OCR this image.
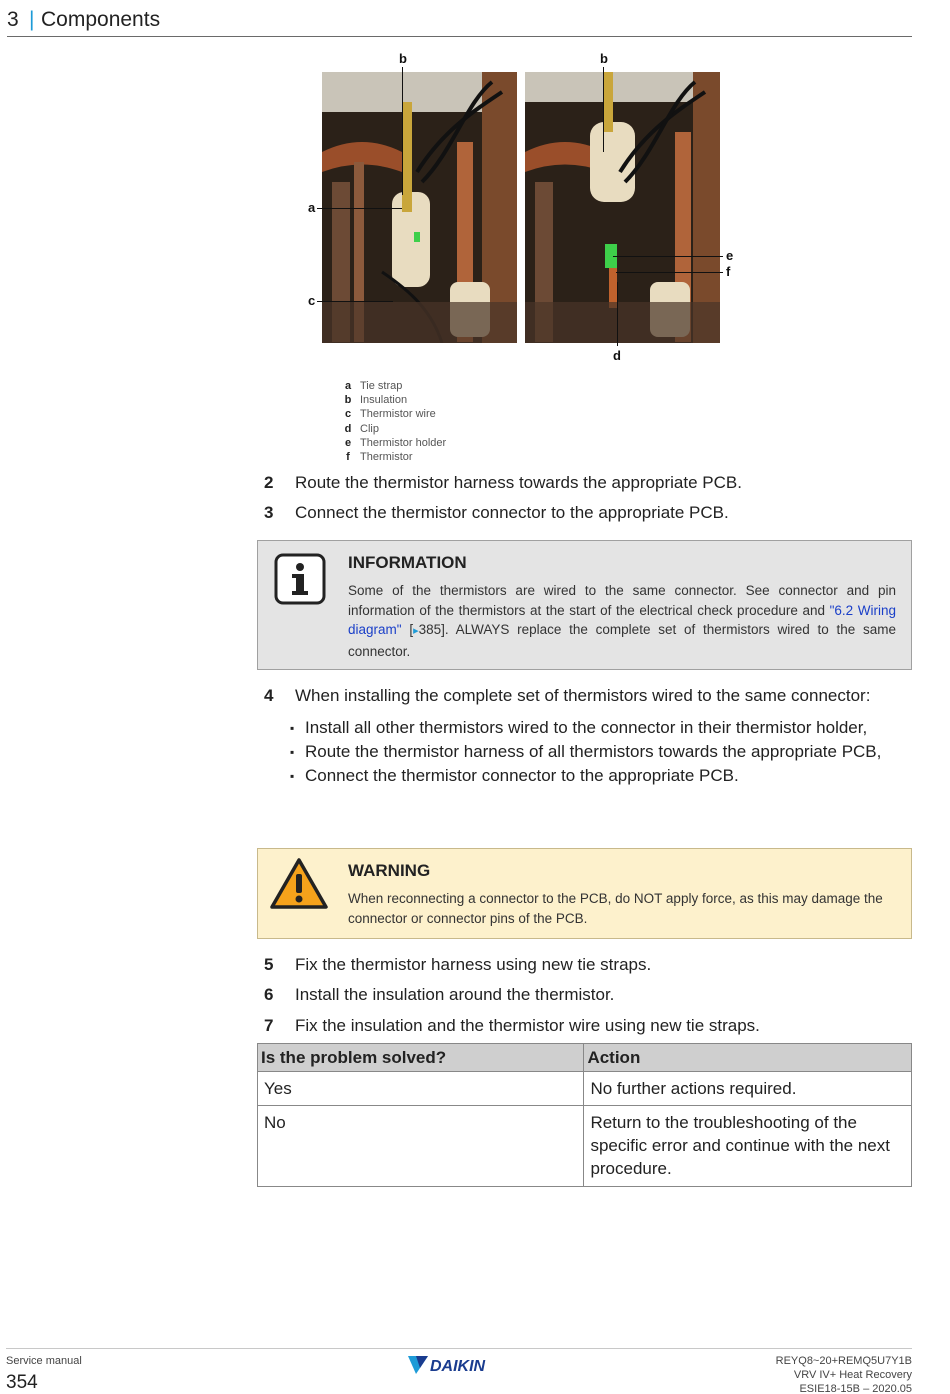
3 | Components
b
a
c
b
e
f
d
a Tie strap
b Insulation
c Thermistor wire
d Clip
e Thermistor holder
f Thermistor
2	Route the thermistor harness towards the appropriate PCB.
3	Connect the thermistor connector to the appropriate PCB.
INFORMATION
Some of the thermistors are wired to the same connector. See connector and pin information of the thermistors at the start of the electrical check procedure and "6.2 Wiring diagram" [▸385]. ALWAYS replace the complete set of thermistors wired to the same connector.
4	When installing the complete set of thermistors wired to the same connector:
▪ Install all other thermistors wired to the connector in their thermistor holder,
▪ Route the thermistor harness of all thermistors towards the appropriate PCB,
▪ Connect the thermistor connector to the appropriate PCB.
WARNING
When reconnecting a connector to the PCB, do NOT apply force, as this may damage the connector or connector pins of the PCB.
5	Fix the thermistor harness using new tie straps.
6	Install the insulation around the thermistor.
7	Fix the insulation and the thermistor wire using new tie straps.
Is the problem solved?	Action
Yes	No further actions required.
No	Return to the troubleshooting of the specific error and continue with the next procedure.
Service manual
354
DAIKIN	REYQ8~20+REMQ5U7Y1B
VRV IV+ Heat Recovery
ESIE18-15B – 2020.05
